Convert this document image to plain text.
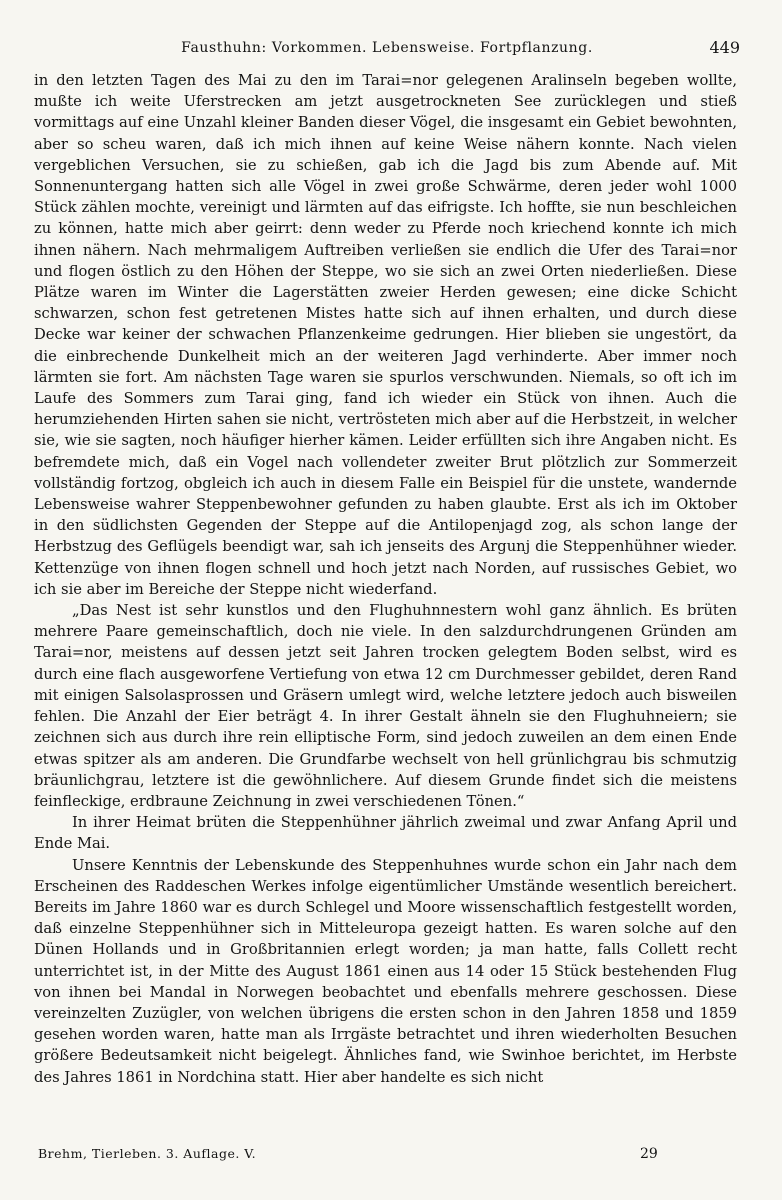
Fausthuhn: Vorkommen. Lebensweise. Fortpflanzung.	449

in den letzten Tagen des Mai zu den im Tarai=nor gelegenen Aralinseln begeben wollte, mußte ich weite Uferstrecken am jetzt ausgetrockneten See zurücklegen und stieß vormittags auf eine Unzahl kleiner Banden dieser Vögel, die insgesamt ein Gebiet bewohnten, aber so scheu waren, daß ich mich ihnen auf keine Weise nähern konnte. Nach vielen vergeblichen Versuchen, sie zu schießen, gab ich die Jagd bis zum Abende auf. Mit Sonnenuntergang hatten sich alle Vögel in zwei große Schwärme, deren jeder wohl 1000 Stück zählen mochte, vereinigt und lärmten auf das eifrigste. Ich hoffte, sie nun beschleichen zu können, hatte mich aber geirrt: denn weder zu Pferde noch kriechend konnte ich mich ihnen nähern. Nach mehrmaligem Auftreiben verließen sie endlich die Ufer des Tarai=nor und flogen östlich zu den Höhen der Steppe, wo sie sich an zwei Orten niederließen. Diese Plätze waren im Winter die Lagerstätten zweier Herden gewesen; eine dicke Schicht schwarzen, schon fest getretenen Mistes hatte sich auf ihnen erhalten, und durch diese Decke war keiner der schwachen Pflanzenkeime gedrungen. Hier blieben sie ungestört, da die einbrechende Dunkelheit mich an der weiteren Jagd verhinderte. Aber immer noch lärmten sie fort. Am nächsten Tage waren sie spurlos verschwunden. Niemals, so oft ich im Laufe des Sommers zum Tarai ging, fand ich wieder ein Stück von ihnen. Auch die herumziehenden Hirten sahen sie nicht, vertrösteten mich aber auf die Herbstzeit, in welcher sie, wie sie sagten, noch häufiger hierher kämen. Leider erfüllten sich ihre Angaben nicht. Es befremdete mich, daß ein Vogel nach vollendeter zweiter Brut plötzlich zur Sommerzeit vollständig fortzog, obgleich ich auch in diesem Falle ein Beispiel für die unstete, wandernde Lebensweise wahrer Steppenbewohner gefunden zu haben glaubte. Erst als ich im Oktober in den südlichsten Gegenden der Steppe auf die Antilopenjagd zog, als schon lange der Herbstzug des Geflügels beendigt war, sah ich jenseits des Argunj die Steppenhühner wieder. Kettenzüge von ihnen flogen schnell und hoch jetzt nach Norden, auf russisches Gebiet, wo ich sie aber im Bereiche der Steppe nicht wiederfand.

„Das Nest ist sehr kunstlos und den Flughuhnnestern wohl ganz ähnlich. Es brüten mehrere Paare gemeinschaftlich, doch nie viele. In den salzdurchdrungenen Gründen am Tarai=nor, meistens auf dessen jetzt seit Jahren trocken gelegtem Boden selbst, wird es durch eine flach ausgeworfene Vertiefung von etwa 12 cm Durchmesser gebildet, deren Rand mit einigen Salsolasprossen und Gräsern umlegt wird, welche letztere jedoch auch bisweilen fehlen. Die Anzahl der Eier beträgt 4. In ihrer Gestalt ähneln sie den Flughuhneiern; sie zeichnen sich aus durch ihre rein elliptische Form, sind jedoch zuweilen an dem einen Ende etwas spitzer als am anderen. Die Grundfarbe wechselt von hell grünlichgrau bis schmutzig bräunlichgrau, letztere ist die gewöhnlichere. Auf diesem Grunde findet sich die meistens feinfleckige, erdbraune Zeichnung in zwei verschiedenen Tönen.“

In ihrer Heimat brüten die Steppenhühner jährlich zweimal und zwar Anfang April und Ende Mai.

Unsere Kenntnis der Lebenskunde des Steppenhuhnes wurde schon ein Jahr nach dem Erscheinen des Raddeschen Werkes infolge eigentümlicher Umstände wesentlich bereichert. Bereits im Jahre 1860 war es durch Schlegel und Moore wissenschaftlich festgestellt worden, daß einzelne Steppenhühner sich in Mitteleuropa gezeigt hatten. Es waren solche auf den Dünen Hollands und in Großbritannien erlegt worden; ja man hatte, falls Collett recht unterrichtet ist, in der Mitte des August 1861 einen aus 14 oder 15 Stück bestehenden Flug von ihnen bei Mandal in Norwegen beobachtet und ebenfalls mehrere geschossen. Diese vereinzelten Zuzügler, von welchen übrigens die ersten schon in den Jahren 1858 und 1859 gesehen worden waren, hatte man als Irrgäste betrachtet und ihren wiederholten Besuchen größere Bedeutsamkeit nicht beigelegt. Ähnliches fand, wie Swinhoe berichtet, im Herbste des Jahres 1861 in Nordchina statt. Hier aber handelte es sich nicht

Brehm, Tierleben. 3. Auflage. V.	29
